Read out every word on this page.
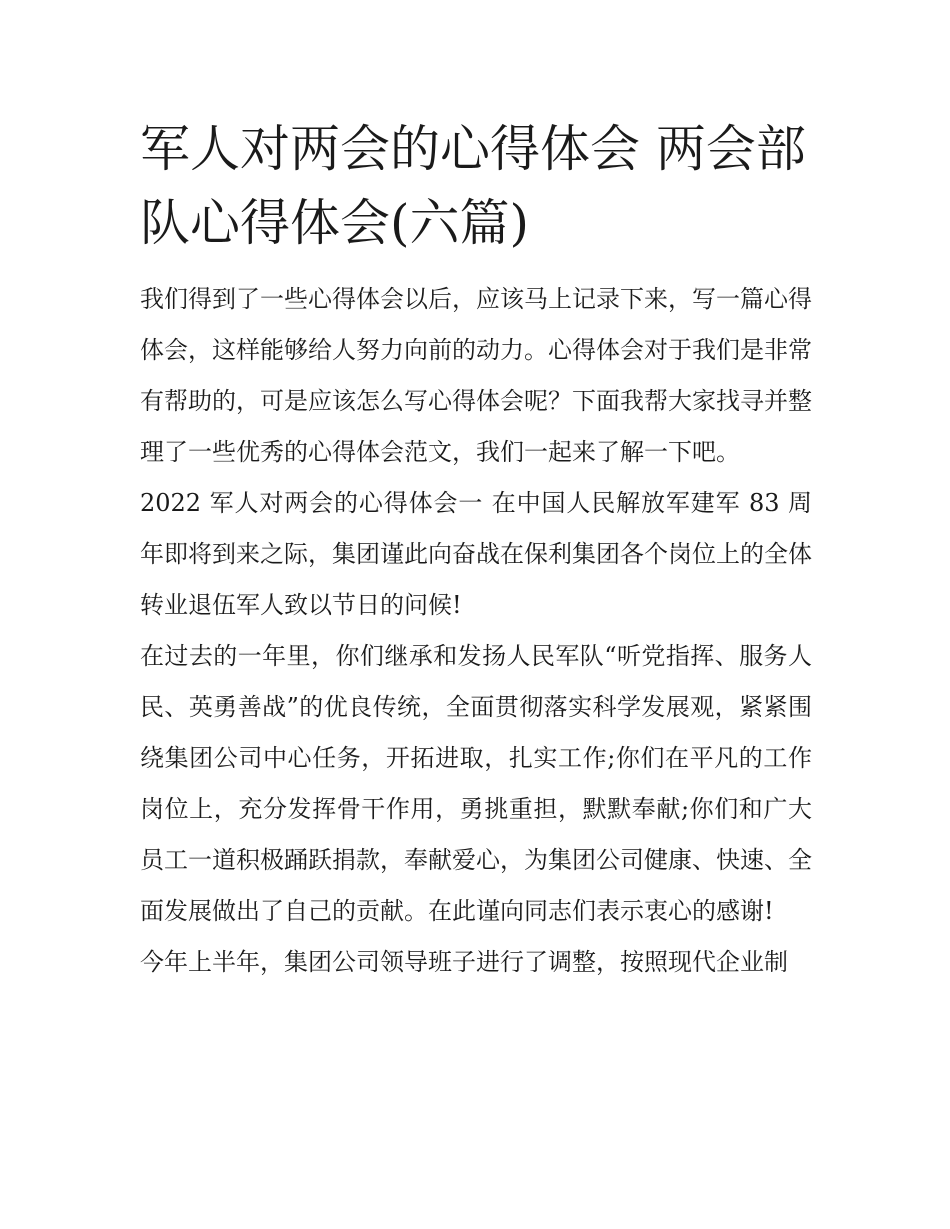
军人对两会的心得体会 两会部队心得体会(六篇)

我们得到了一些心得体会以后，应该马上记录下来，写一篇心得体会，这样能够给人努力向前的动力。心得体会对于我们是非常有帮助的，可是应该怎么写心得体会呢？下面我帮大家找寻并整理了一些优秀的心得体会范文，我们一起来了解一下吧。

2022 军人对两会的心得体会一 在中国人民解放军建军 83 周年即将到来之际，集团谨此向奋战在保利集团各个岗位上的全体转业退伍军人致以节日的问候!

在过去的一年里，你们继承和发扬人民军队“听党指挥、服务人民、英勇善战”的优良传统，全面贯彻落实科学发展观，紧紧围绕集团公司中心任务，开拓进取，扎实工作;你们在平凡的工作岗位上，充分发挥骨干作用，勇挑重担，默默奉献;你们和广大员工一道积极踊跃捐款，奉献爱心，为集团公司健康、快速、全面发展做出了自己的贡献。在此谨向同志们表示衷心的感谢!

今年上半年，集团公司领导班子进行了调整，按照现代企业制
